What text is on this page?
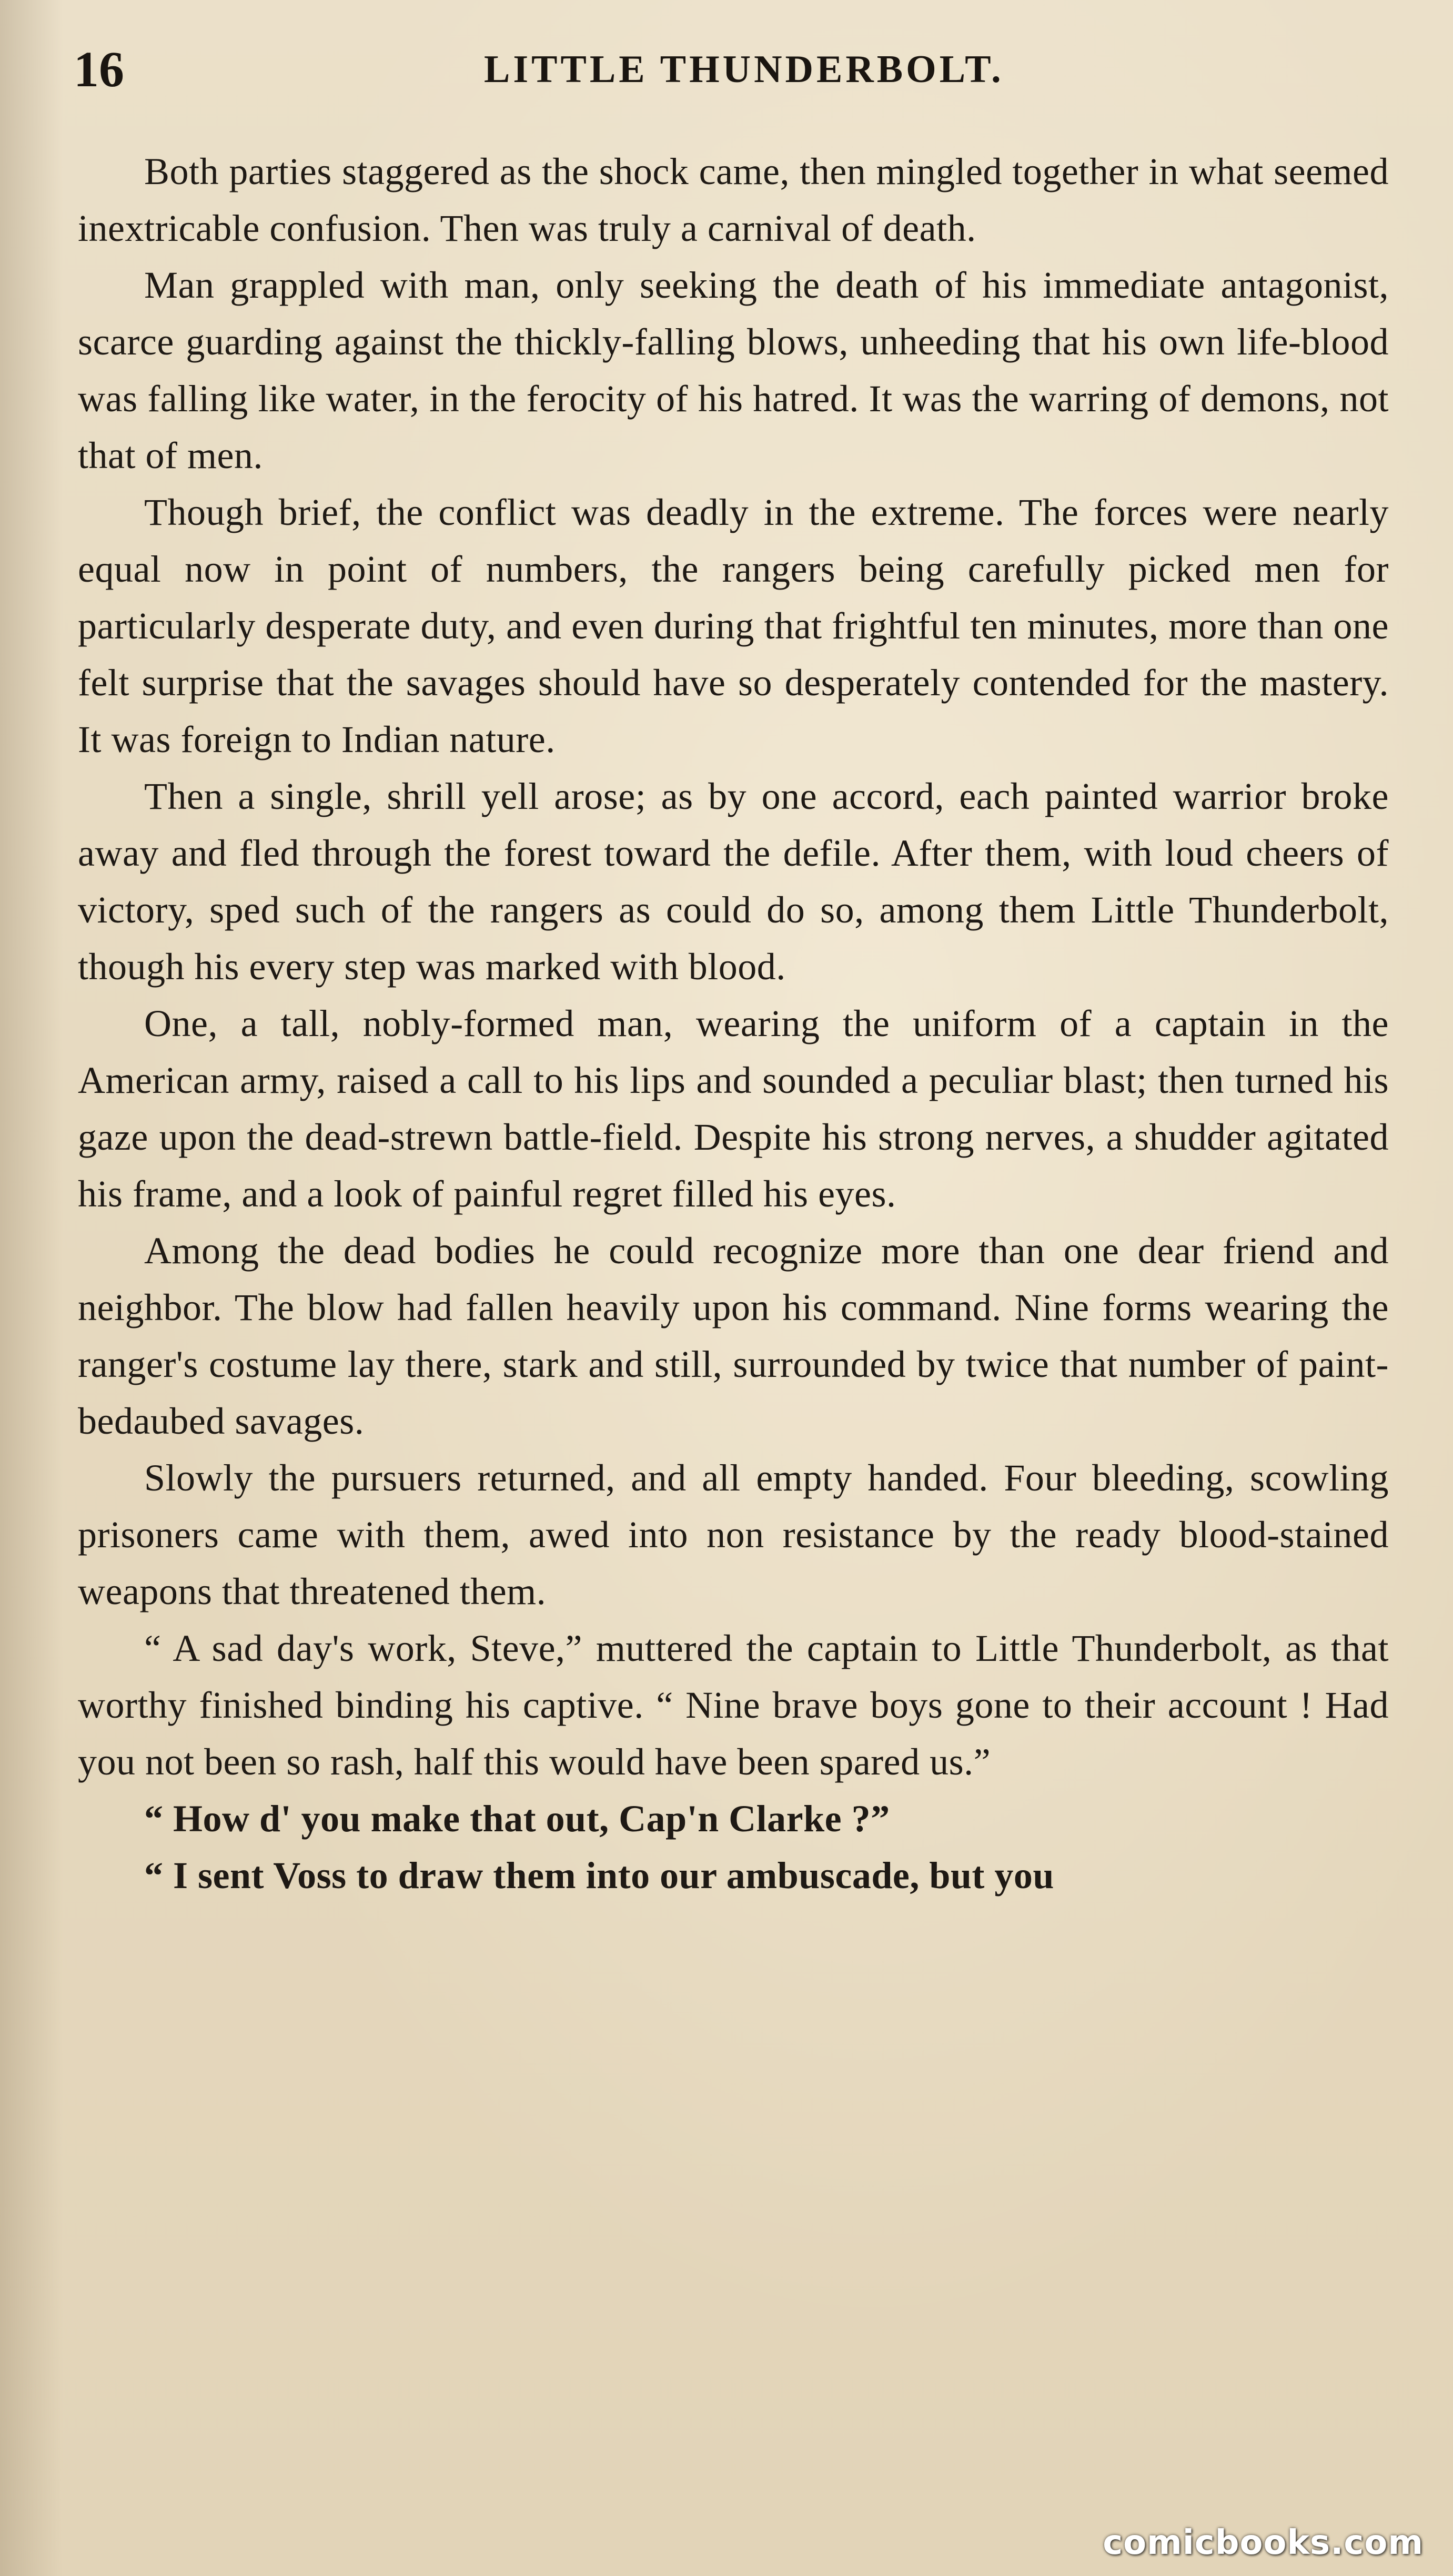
16	LITTLE THUNDERBOLT.

Both parties staggered as the shock came, then mingled together in what seemed inextricable confusion. Then was truly a carnival of death.

Man grappled with man, only seeking the death of his immediate antagonist, scarce guarding against the thickly-falling blows, unheeding that his own life-blood was falling like water, in the ferocity of his hatred. It was the warring of demons, not that of men.

Though brief, the conflict was deadly in the extreme. The forces were nearly equal now in point of numbers, the rangers being carefully picked men for particularly desperate duty, and even during that frightful ten minutes, more than one felt surprise that the savages should have so desperately contended for the mastery. It was foreign to Indian nature.

Then a single, shrill yell arose; as by one accord, each painted warrior broke away and fled through the forest toward the defile. After them, with loud cheers of victory, sped such of the rangers as could do so, among them Little Thunderbolt, though his every step was marked with blood.

One, a tall, nobly-formed man, wearing the uniform of a captain in the American army, raised a call to his lips and sounded a peculiar blast; then turned his gaze upon the dead-strewn battle-field. Despite his strong nerves, a shudder agitated his frame, and a look of painful regret filled his eyes.

Among the dead bodies he could recognize more than one dear friend and neighbor. The blow had fallen heavily upon his command. Nine forms wearing the ranger's costume lay there, stark and still, surrounded by twice that number of paint-bedaubed savages.

Slowly the pursuers returned, and all empty handed. Four bleeding, scowling prisoners came with them, awed into non resistance by the ready blood-stained weapons that threatened them.

“ A sad day's work, Steve,” muttered the captain to Little Thunderbolt, as that worthy finished binding his captive. “ Nine brave boys gone to their account ! Had you not been so rash, half this would have been spared us.”

“ How d' you make that out, Cap'n Clarke ?”

“ I sent Voss to draw them into our ambuscade, but you

comicbooks.com
